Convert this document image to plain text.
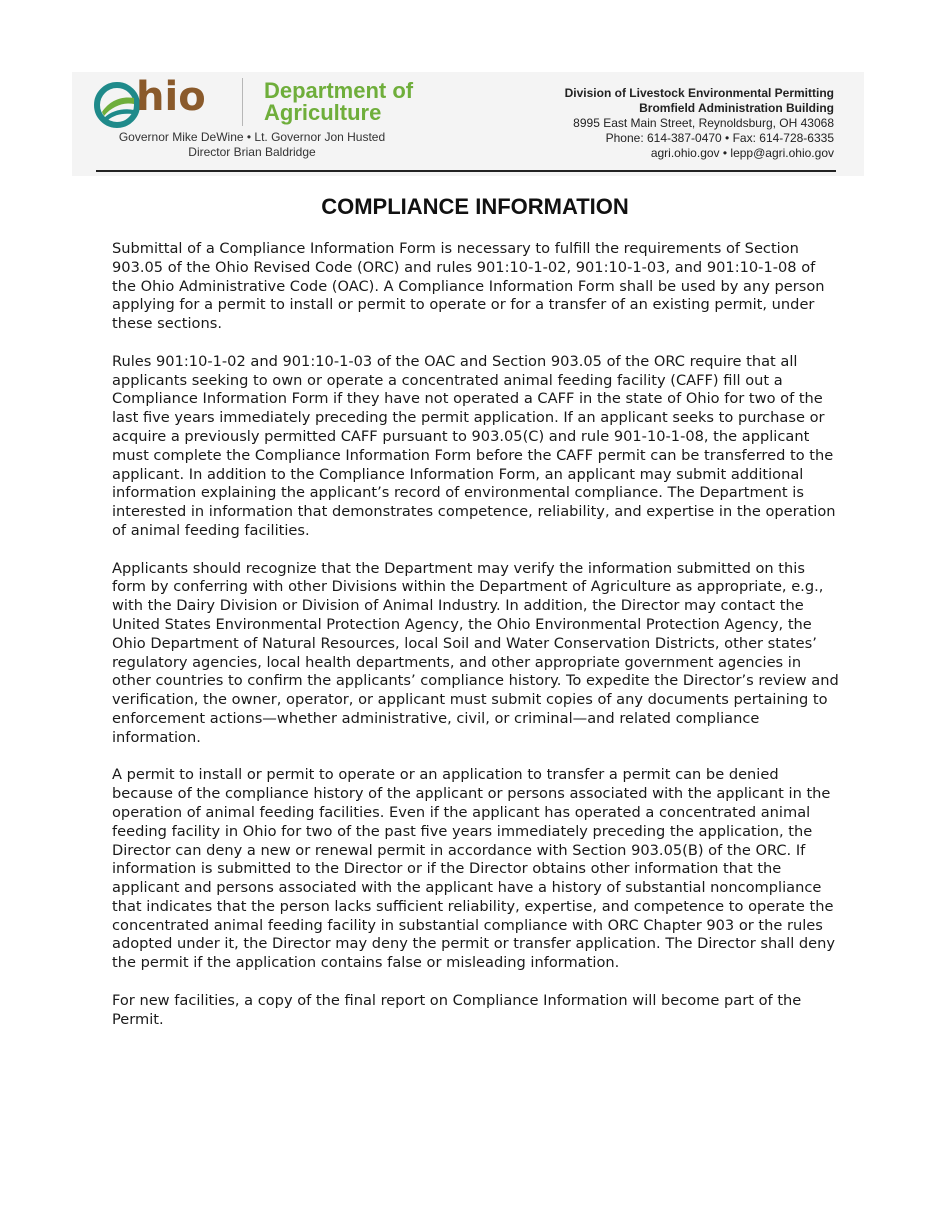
hio	Department of Agriculture
Governor Mike DeWine • Lt. Governor Jon Husted
Director Brian Baldridge
Division of Livestock Environmental Permitting
Bromfield Administration Building
8995 East Main Street, Reynoldsburg, OH 43068
Phone: 614-387-0470 • Fax: 614-728-6335
agri.ohio.gov • lepp@agri.ohio.gov
COMPLIANCE INFORMATION

Submittal of a Compliance Information Form is necessary to fulfill the requirements of Section 903.05 of the Ohio Revised Code (ORC) and rules 901:10-1-02, 901:10-1-03, and 901:10-1-08 of the Ohio Administrative Code (OAC). A Compliance Information Form shall be used by any person applying for a permit to install or permit to operate or for a transfer of an existing permit, under these sections.

Rules 901:10-1-02 and 901:10-1-03 of the OAC and Section 903.05 of the ORC require that all applicants seeking to own or operate a concentrated animal feeding facility (CAFF) fill out a Compliance Information Form if they have not operated a CAFF in the state of Ohio for two of the last five years immediately preceding the permit application. If an applicant seeks to purchase or acquire a previously permitted CAFF pursuant to 903.05(C) and rule 901-10-1-08, the applicant must complete the Compliance Information Form before the CAFF permit can be transferred to the applicant. In addition to the Compliance Information Form, an applicant may submit additional information explaining the applicant’s record of environmental compliance. The Department is interested in information that demonstrates competence, reliability, and expertise in the operation of animal feeding facilities.

Applicants should recognize that the Department may verify the information submitted on this form by conferring with other Divisions within the Department of Agriculture as appropriate, e.g., with the Dairy Division or Division of Animal Industry. In addition, the Director may contact the United States Environmental Protection Agency, the Ohio Environmental Protection Agency, the Ohio Department of Natural Resources, local Soil and Water Conservation Districts, other states’ regulatory agencies, local health departments, and other appropriate government agencies in other countries to confirm the applicants’ compliance history. To expedite the Director’s review and verification, the owner, operator, or applicant must submit copies of any documents pertaining to enforcement actions—whether administrative, civil, or criminal—and related compliance information.

A permit to install or permit to operate or an application to transfer a permit can be denied because of the compliance history of the applicant or persons associated with the applicant in the operation of animal feeding facilities. Even if the applicant has operated a concentrated animal feeding facility in Ohio for two of the past five years immediately preceding the application, the Director can deny a new or renewal permit in accordance with Section 903.05(B) of the ORC. If information is submitted to the Director or if the Director obtains other information that the applicant and persons associated with the applicant have a history of substantial noncompliance that indicates that the person lacks sufficient reliability, expertise, and competence to operate the concentrated animal feeding facility in substantial compliance with ORC Chapter 903 or the rules adopted under it, the Director may deny the permit or transfer application. The Director shall deny the permit if the application contains false or misleading information.

For new facilities, a copy of the final report on Compliance Information will become part of the Permit.
